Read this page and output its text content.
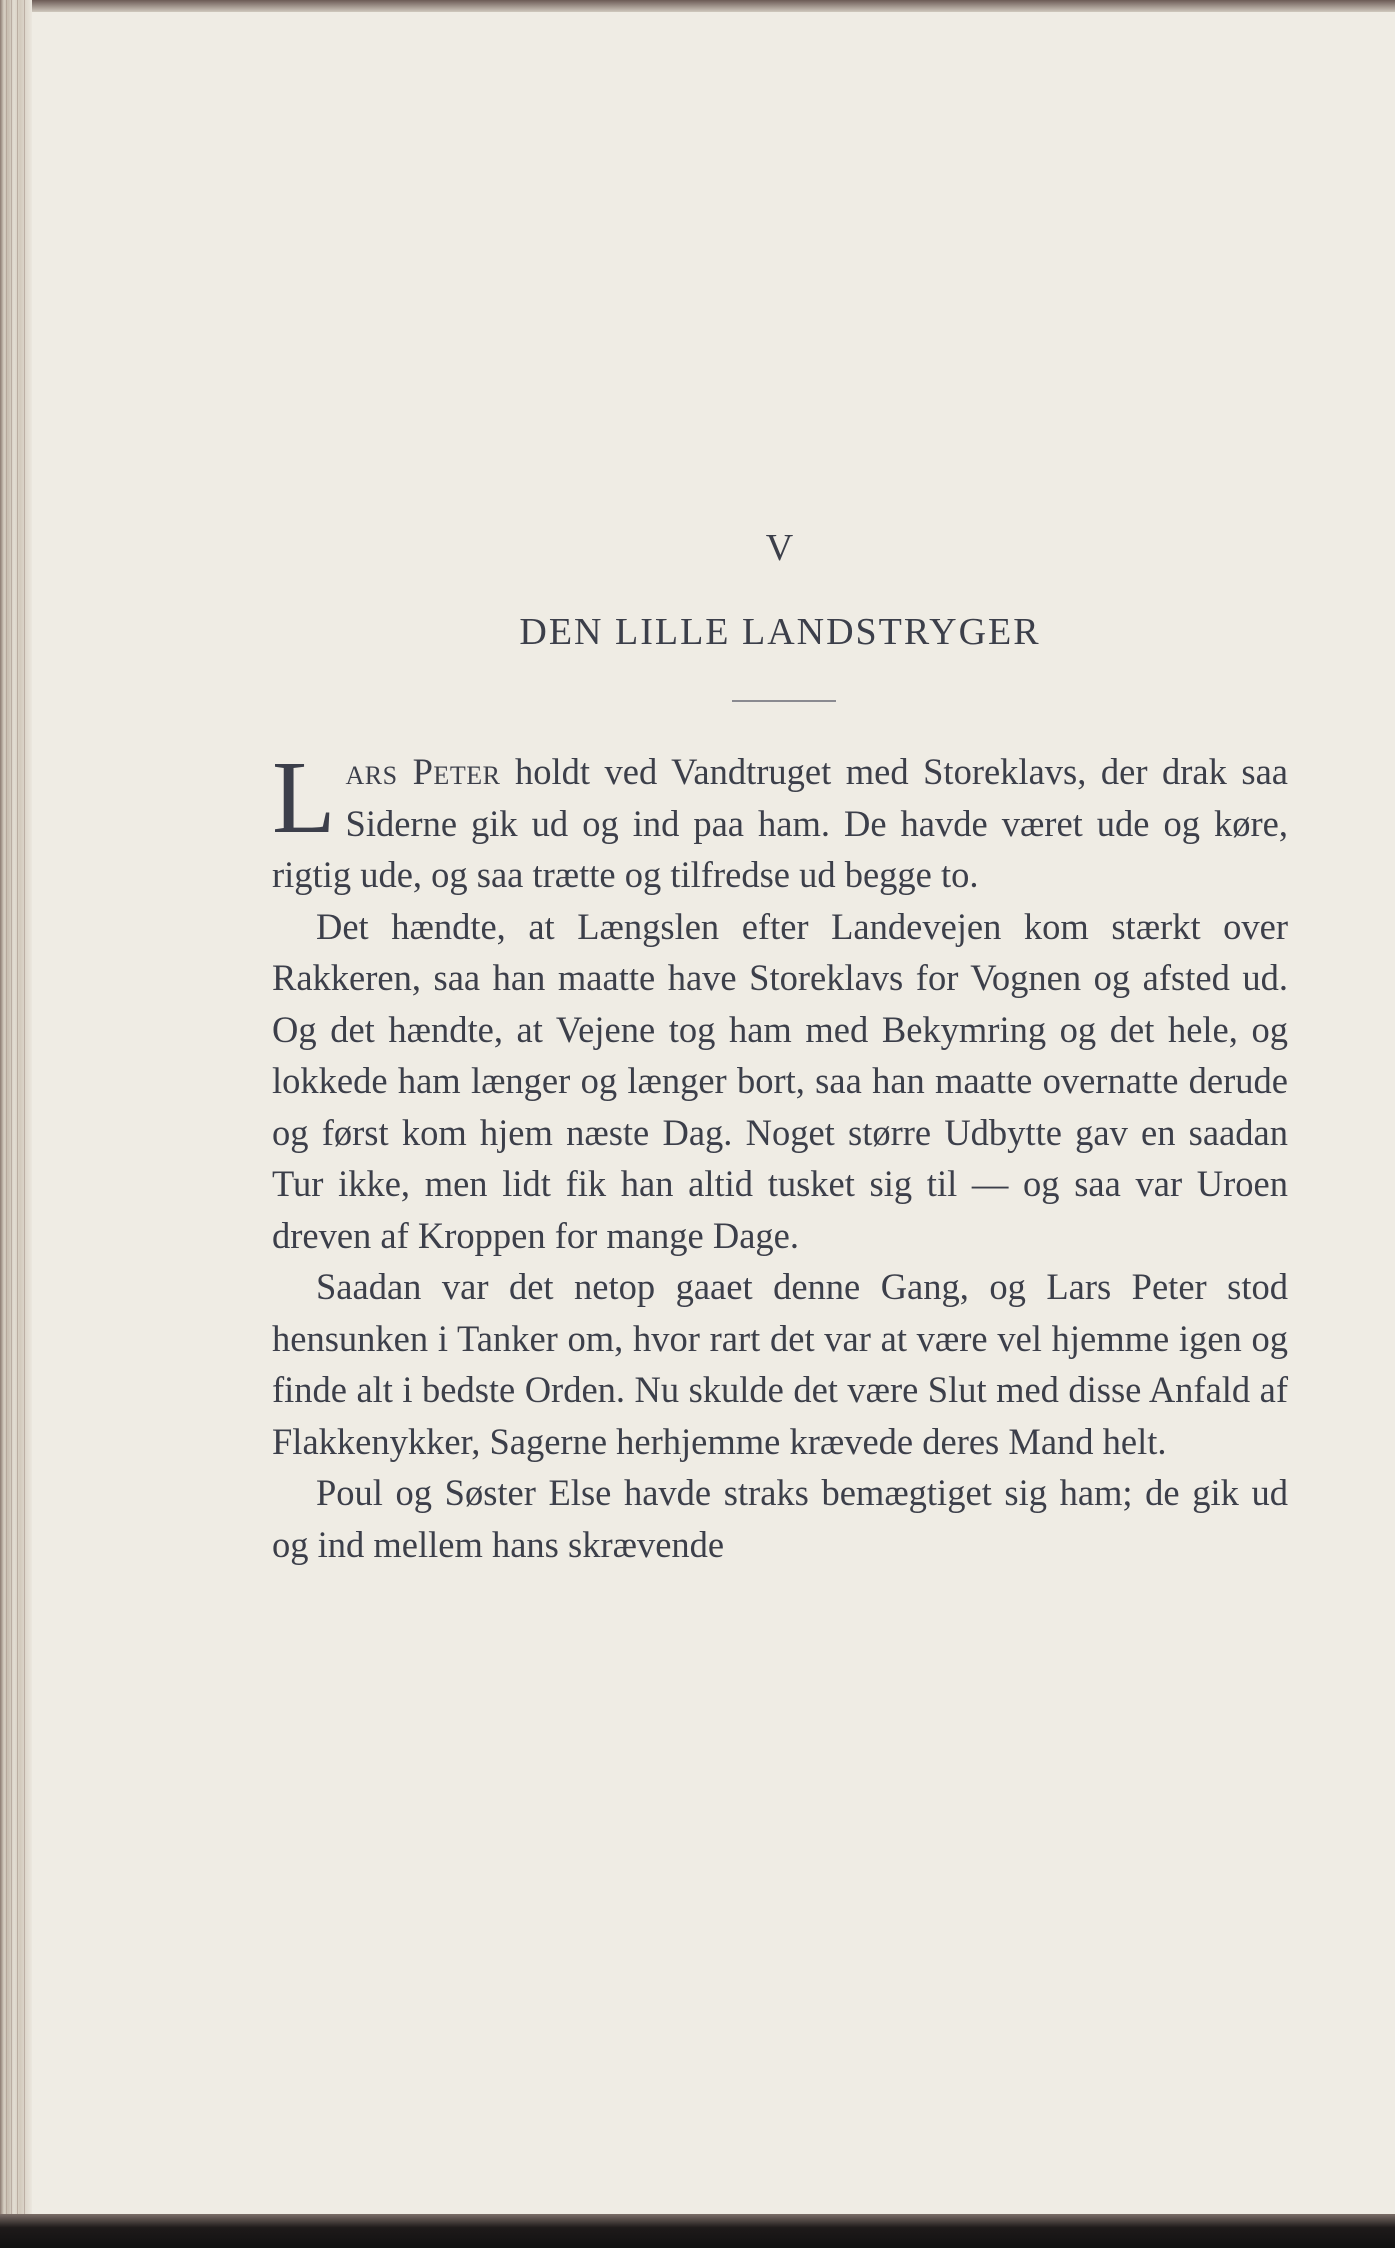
V
DEN LILLE LANDSTRYGER

Lars Peter holdt ved Vandtruget med Storeklavs, der drak saa Siderne gik ud og ind paa ham. De havde været ude og køre, rigtig ude, og saa trætte og tilfredse ud begge to.

Det hændte, at Længslen efter Landevejen kom stærkt over Rakkeren, saa han maatte have Storeklavs for Vognen og afsted ud. Og det hændte, at Vejene tog ham med Bekymring og det hele, og lokkede ham længer og længer bort, saa han maatte overnatte derude og først kom hjem næste Dag. Noget større Udbytte gav en saadan Tur ikke, men lidt fik han altid tusket sig til — og saa var Uroen dreven af Kroppen for mange Dage.

Saadan var det netop gaaet denne Gang, og Lars Peter stod hensunken i Tanker om, hvor rart det var at være vel hjemme igen og finde alt i bedste Orden. Nu skulde det være Slut med disse Anfald af Flakkenykker, Sagerne herhjemme krævede deres Mand helt.

Poul og Søster Else havde straks bemægtiget sig ham; de gik ud og ind mellem hans skrævende
